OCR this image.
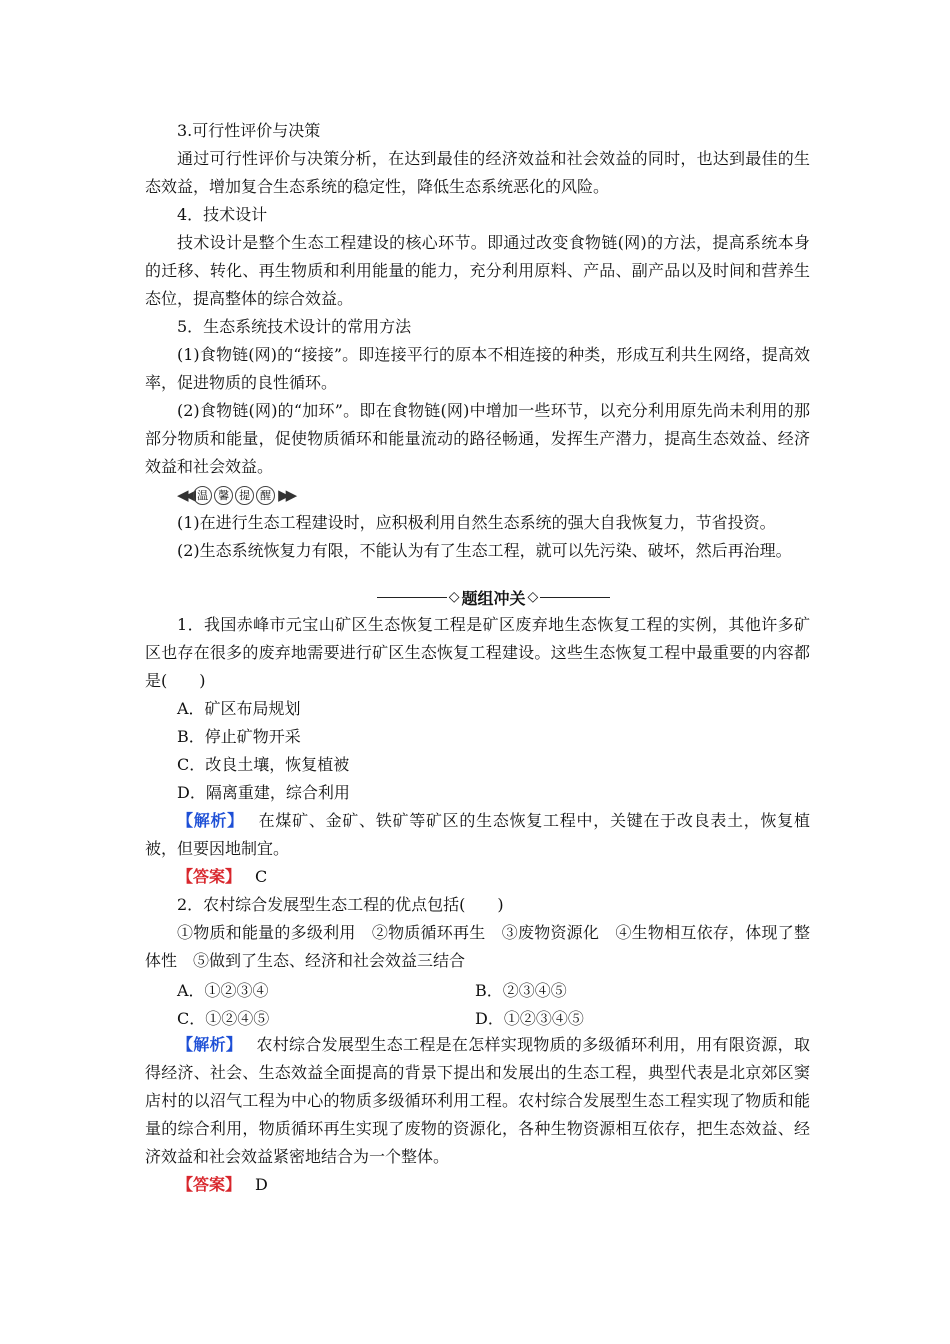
3.可行性评价与决策

通过可行性评价与决策分析，在达到最佳的经济效益和社会效益的同时，也达到最佳的生态效益，增加复合生态系统的稳定性，降低生态系统恶化的风险。

4．技术设计

技术设计是整个生态工程建设的核心环节。即通过改变食物链(网)的方法，提高系统本身的迁移、转化、再生物质和利用能量的能力，充分利用原料、产品、副产品以及时间和营养生态位，提高整体的综合效益。

5．生态系统技术设计的常用方法

(1)食物链(网)的“接接”。即连接平行的原本不相连接的种类，形成互利共生网络，提高效率，促进物质的良性循环。

(2)食物链(网)的“加环”。即在食物链(网)中增加一些环节，以充分利用原先尚未利用的那部分物质和能量，促使物质循环和能量流动的路径畅通，发挥生产潜力，提高生态效益、经济效益和社会效益。

◀◀ 温 馨 提 醒 ▶▶

(1)在进行生态工程建设时，应积极利用自然生态系统的强大自我恢复力，节省投资。

(2)生态系统恢复力有限，不能认为有了生态工程，就可以先污染、破坏，然后再治理。

◇ 题组冲关 ◇

1．我国赤峰市元宝山矿区生态恢复工程是矿区废弃地生态恢复工程的实例，其他许多矿区也存在很多的废弃地需要进行矿区生态恢复工程建设。这些生态恢复工程中最重要的内容都是(　　)

A．矿区布局规划

B．停止矿物开采

C．改良土壤，恢复植被

D．隔离重建，综合利用

【解析】 在煤矿、金矿、铁矿等矿区的生态恢复工程中，关键在于改良表土，恢复植被，但要因地制宜。

【答案】 C

2．农村综合发展型生态工程的优点包括(　　)

①物质和能量的多级利用　②物质循环再生　③废物资源化　④生物相互依存，体现了整体性　⑤做到了生态、经济和社会效益三结合

A．①②③④	B．②③④⑤
C．①②④⑤	D．①②③④⑤

【解析】 农村综合发展型生态工程是在怎样实现物质的多级循环利用，用有限资源，取得经济、社会、生态效益全面提高的背景下提出和发展出的生态工程，典型代表是北京郊区窦店村的以沼气工程为中心的物质多级循环利用工程。农村综合发展型生态工程实现了物质和能量的综合利用，物质循环再生实现了废物的资源化，各种生物资源相互依存，把生态效益、经济效益和社会效益紧密地结合为一个整体。

【答案】 D
